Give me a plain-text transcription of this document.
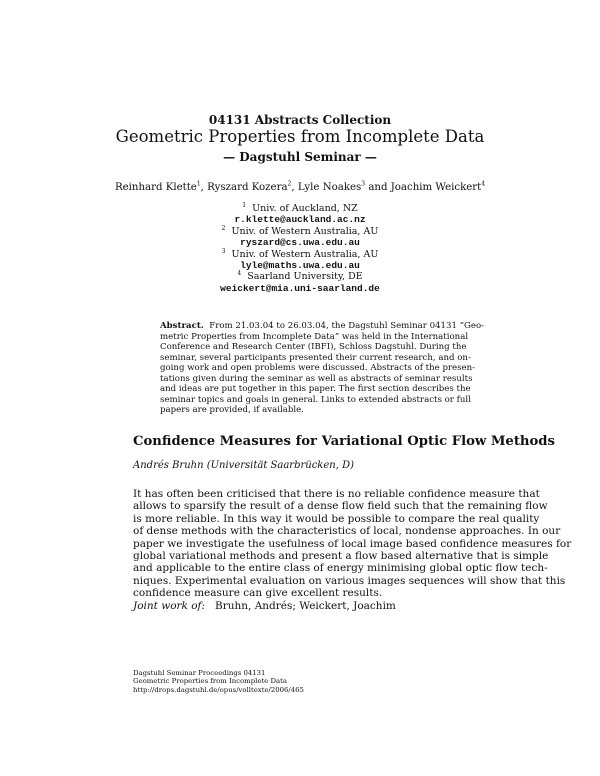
04131 Abstracts Collection
Geometric Properties from Incomplete Data
— Dagstuhl Seminar —
Reinhard Klette$^1$, Ryszard Kozera$^2$, Lyle Noakes$^3$ and Joachim Weickert$^4$
$^1$ Univ. of Auckland, NZ
r.klette@auckland.ac.nz
$^2$ Univ. of Western Australia, AU
ryszard@cs.uwa.edu.au
$^3$ Univ. of Western Australia, AU
lyle@maths.uwa.edu.au
$^4$ Saarland University, DE
weickert@mia.uni-saarland.de
Abstract. From 21.03.04 to 26.03.04, the Dagstuhl Seminar 04131 “Geo-
metric Properties from Incomplete Data” was held in the International
Conference and Research Center (IBFI), Schloss Dagstuhl. During the
seminar, several participants presented their current research, and on-
going work and open problems were discussed. Abstracts of the presen-
tations given during the seminar as well as abstracts of seminar results
and ideas are put together in this paper. The first section describes the
seminar topics and goals in general. Links to extended abstracts or full
papers are provided, if available.
Confidence Measures for Variational Optic Flow Methods
Andrés Bruhn (Universität Saarbrücken, D)
It has often been criticised that there is no reliable confidence measure that
allows to sparsify the result of a dense flow field such that the remaining flow
is more reliable. In this way it would be possible to compare the real quality
of dense methods with the characteristics of local, nondense approaches. In our
paper we investigate the usefulness of local image based confidence measures for
global variational methods and present a flow based alternative that is simple
and applicable to the entire class of energy minimising global optic flow tech-
niques. Experimental evaluation on various images sequences will show that this
confidence measure can give excellent results.
Joint work of: Bruhn, Andrés; Weickert, Joachim
Dagstuhl Seminar Proceedings 04131
Geometric Properties from Incomplete Data
http://drops.dagstuhl.de/opus/volltexte/2006/465
